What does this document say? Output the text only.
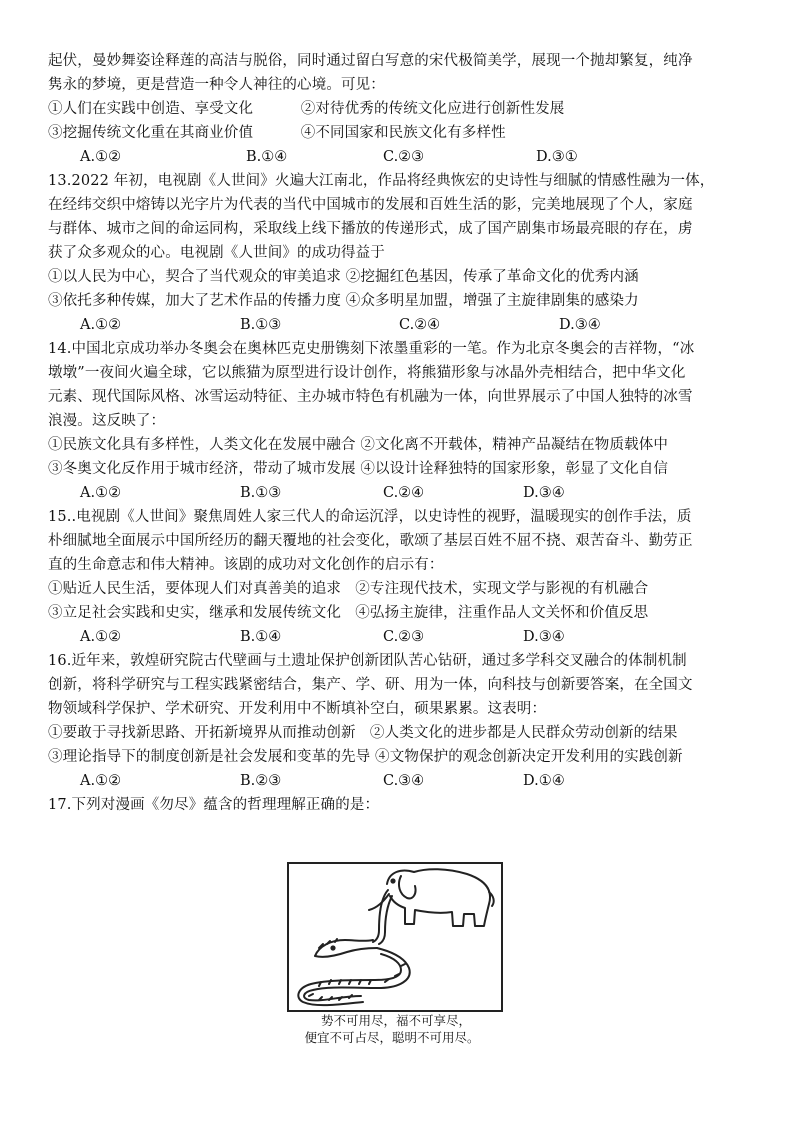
起伏，曼妙舞姿诠释莲的高洁与脱俗，同时通过留白写意的宋代极简美学，展现一个抛却繁复，纯净
隽永的梦境，更是营造一种令人神往的心境。可见：
①人们在实践中创造、享受文化          ②对待优秀的传统文化应进行创新性发展
③挖掘传统文化重在其商业价值          ④不同国家和民族文化有多样性
A.①②	B.①④	C.②③	D.③①
13.2022 年初，电视剧《人世间》火遍大江南北，作品将经典恢宏的史诗性与细腻的情感性融为一体，
在经纬交织中熔铸以光字片为代表的当代中国城市的发展和百姓生活的影，完美地展现了个人，家庭
与群体、城市之间的命运同构，采取线上线下播放的传递形式，成了国产剧集市场最亮眼的存在，虏
获了众多观众的心。电视剧《人世间》的成功得益于
①以人民为中心，契合了当代观众的审美追求 ②挖掘红色基因，传承了革命文化的优秀内涵
③依托多种传媒，加大了艺术作品的传播力度 ④众多明星加盟，增强了主旋律剧集的感染力
A.①②	B.①③	C.②④	D.③④
14.中国北京成功举办冬奥会在奥林匹克史册镌刻下浓墨重彩的一笔。作为北京冬奥会的吉祥物，“冰
墩墩”一夜间火遍全球，它以熊猫为原型进行设计创作，将熊猫形象与冰晶外壳相结合，把中华文化
元素、现代国际风格、冰雪运动特征、主办城市特色有机融为一体，向世界展示了中国人独特的冰雪
浪漫。这反映了：
①民族文化具有多样性，人类文化在发展中融合 ②文化离不开载体，精神产品凝结在物质载体中
③冬奥文化反作用于城市经济，带动了城市发展 ④以设计诠释独特的国家形象，彰显了文化自信
A.①②	B.①③	C.②④	D.③④
15..电视剧《人世间》聚焦周姓人家三代人的命运沉浮，以史诗性的视野，温暖现实的创作手法，质
朴细腻地全面展示中国所经历的翻天覆地的社会变化，歌颂了基层百姓不屈不挠、艰苦奋斗、勤劳正
直的生命意志和伟大精神。该剧的成功对文化创作的启示有：
①贴近人民生活，要体现人们对真善美的追求   ②专注现代技术，实现文学与影视的有机融合
③立足社会实践和史实，继承和发展传统文化   ④弘扬主旋律，注重作品人文关怀和价值反思
A.①②	B.①④	C.②③	D.③④
16.近年来，敦煌研究院古代壁画与土遗址保护创新团队苦心钻研，通过多学科交叉融合的体制机制
创新，将科学研究与工程实践紧密结合，集产、学、研、用为一体，向科技与创新要答案，在全国文
物领域科学保护、学术研究、开发利用中不断填补空白，硕果累累。这表明：
①要敢于寻找新思路、开拓新境界从而推动创新   ②人类文化的进步都是人民群众劳动创新的结果
③理论指导下的制度创新是社会发展和变革的先导 ④文物保护的观念创新决定开发利用的实践创新
A.①②	B.②③	C.③④	D.①④
17.下列对漫画《勿尽》蕴含的哲理理解正确的是：
势不可用尽，福不可享尽，
便宜不可占尽，聪明不可用尽。
